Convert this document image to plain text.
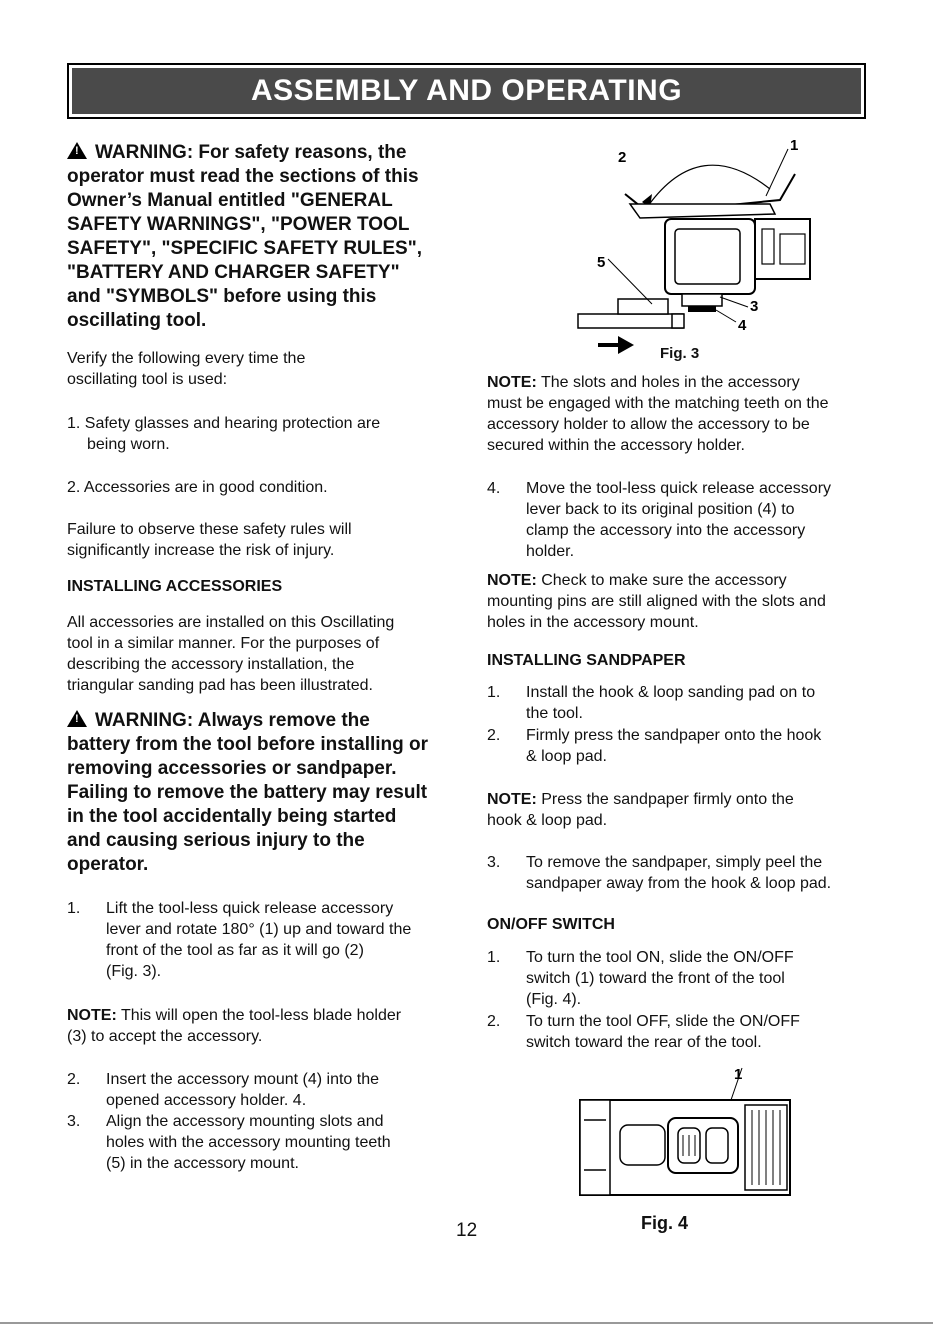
ASSEMBLY AND OPERATING
!WARNING: For safety reasons, the
operator must read the sections of this
Owner’s Manual entitled "GENERAL
SAFETY WARNINGS", "POWER TOOL
SAFETY", "SPECIFIC SAFETY RULES",
"BATTERY AND CHARGER SAFETY"
and "SYMBOLS" before using this
oscillating tool.
Verify the following every time the
oscillating tool is used:
1. Safety glasses and hearing protection are
being worn.
2. Accessories are in good condition.
Failure to observe these safety rules will
significantly increase the risk of injury.
INSTALLING ACCESSORIES
All accessories are installed on this Oscillating
tool in a similar manner. For the purposes of
describing the accessory installation, the
triangular sanding pad has been illustrated.
!WARNING: Always remove the
battery from the tool before installing or
removing accessories or sandpaper.
Failing to remove the battery may result
in the tool accidentally being started
and causing serious injury to the
operator.
1. Lift the tool-less quick release accessory
lever and rotate 180° (1) up and toward the
front of the tool as far as it will go (2)
(Fig. 3).
NOTE: This will open the tool-less blade holder
(3) to accept the accessory.
2. Insert the accessory mount (4) into the
opened accessory holder. 4.
3. Align the accessory mounting slots and
holes with the accessory mounting teeth
(5) in the accessory mount.
2
1
5
3
4
Fig. 3
NOTE: The slots and holes in the accessory
must be engaged with the matching teeth on the
accessory holder to allow the accessory to be
secured within the accessory holder.
4. Move the tool-less quick release accessory
lever back to its original position (4) to
clamp the accessory into the accessory
holder.
NOTE: Check to make sure the accessory
mounting pins are still aligned with the slots and
holes in the accessory mount.
INSTALLING SANDPAPER
1. Install the hook & loop sanding pad on to
the tool.
2. Firmly press the sandpaper onto the hook
& loop pad.
NOTE: Press the sandpaper firmly onto the
hook & loop pad.
3. To remove the sandpaper, simply peel the
sandpaper away from the hook & loop pad.
ON/OFF SWITCH
1. To turn the tool ON, slide the ON/OFF
switch (1) toward the front of the tool
(Fig. 4).
2. To turn the tool OFF, slide the ON/OFF
switch toward the rear of the tool.
1
Fig. 4
12
